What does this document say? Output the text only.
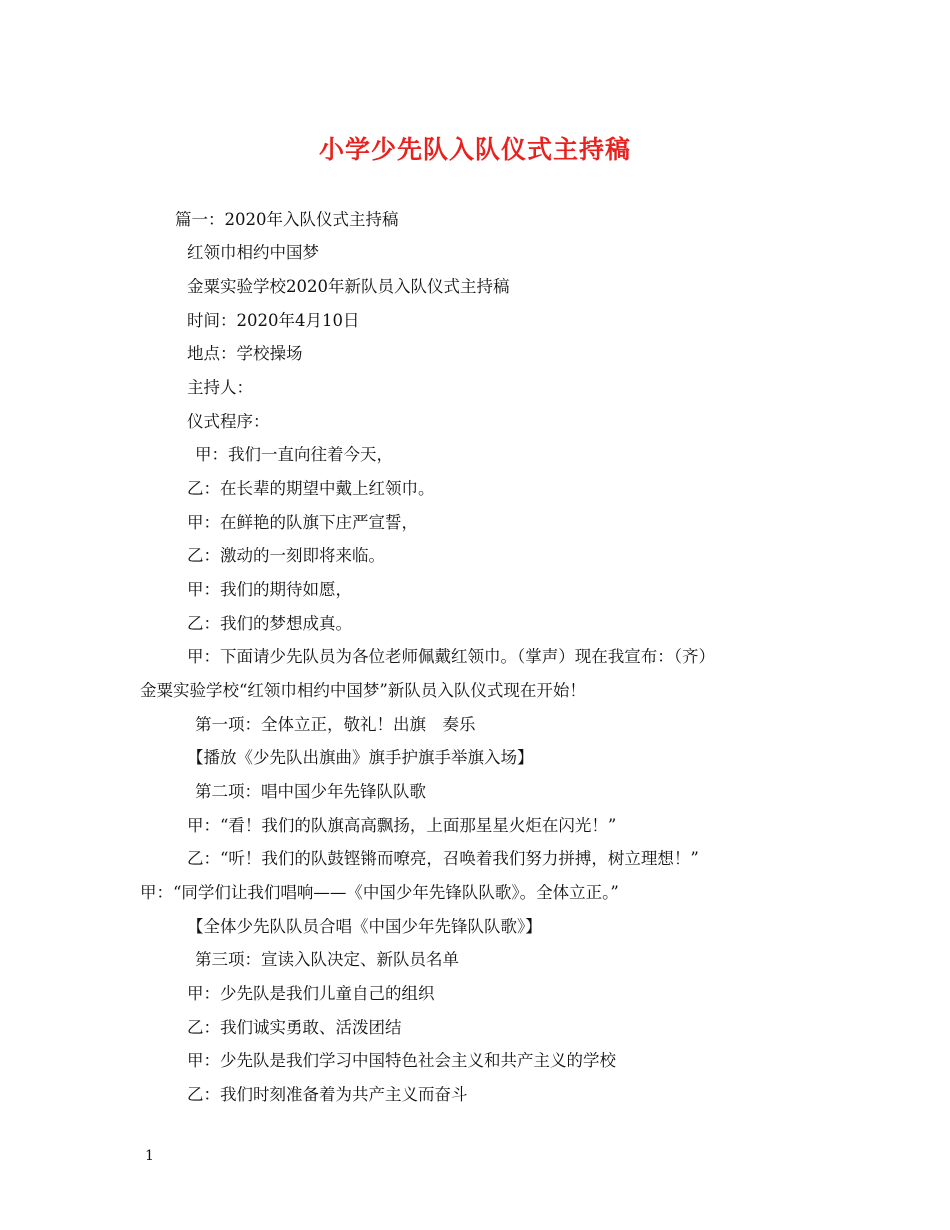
小学少先队入队仪式主持稿
篇一：2020年入队仪式主持稿
红领巾相约中国梦
金粟实验学校2020年新队员入队仪式主持稿
时间：2020年4月10日
地点：学校操场
主持人：
仪式程序：
甲：我们一直向往着今天，
乙：在长辈的期望中戴上红领巾。
甲：在鲜艳的队旗下庄严宣誓，
乙：激动的一刻即将来临。
甲：我们的期待如愿，
乙：我们的梦想成真。
甲：下面请少先队员为各位老师佩戴红领巾。（掌声）现在我宣布：（齐）
金粟实验学校“红领巾相约中国梦”新队员入队仪式现在开始！
第一项：全体立正，敬礼！出旗　奏乐
【播放《少先队出旗曲》旗手护旗手举旗入场】
第二项：唱中国少年先锋队队歌
甲：“看！我们的队旗高高飘扬，上面那星星火炬在闪光！”
乙：“听！我们的队鼓铿锵而嘹亮，召唤着我们努力拼搏，树立理想！”
甲：“同学们让我们唱响——《中国少年先锋队队歌》。全体立正。”
【全体少先队队员合唱《中国少年先锋队队歌》】
第三项：宣读入队决定、新队员名单
甲：少先队是我们儿童自己的组织
乙：我们诚实勇敢、活泼团结
甲：少先队是我们学习中国特色社会主义和共产主义的学校
乙：我们时刻准备着为共产主义而奋斗
1
